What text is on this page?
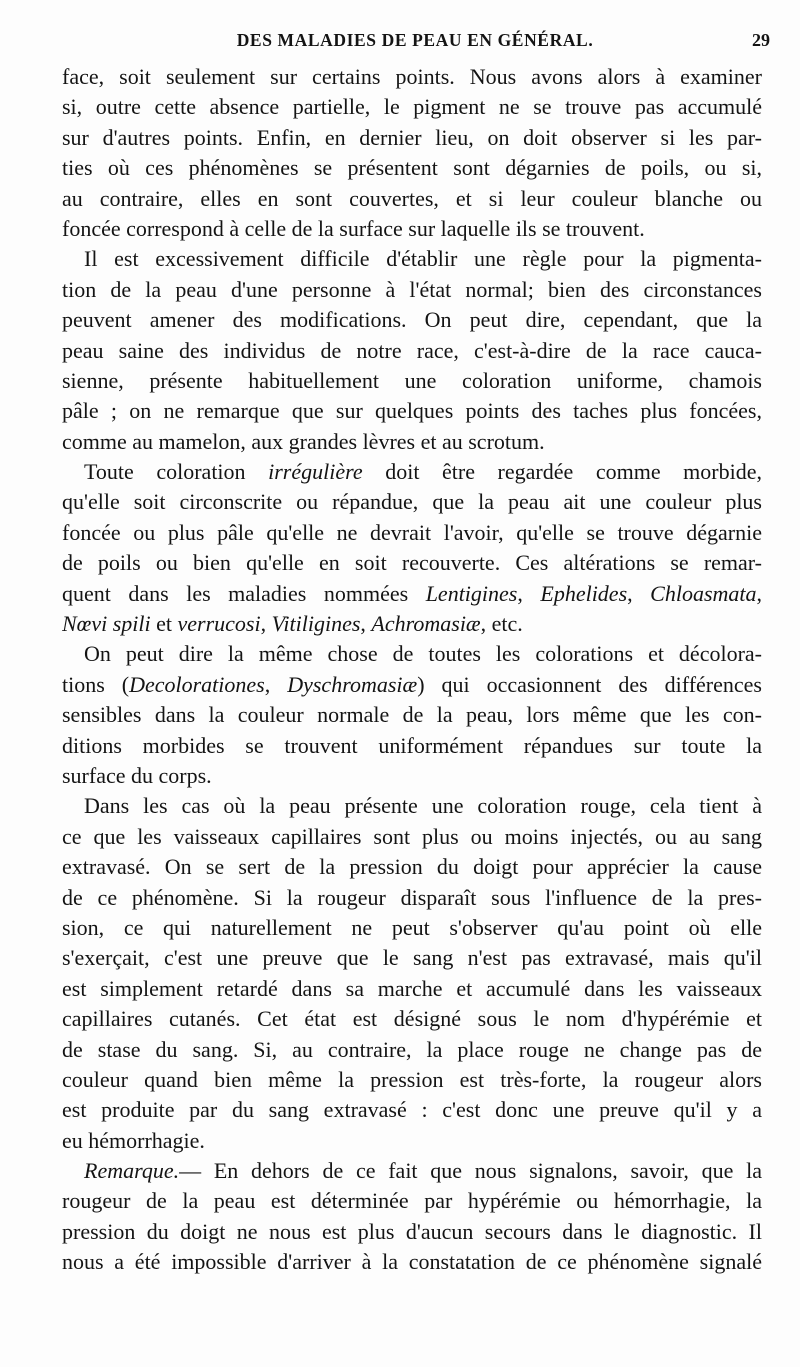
DES MALADIES DE PEAU EN GÉNÉRAL.	29
face, soit seulement sur certains points. Nous avons alors à examiner
si, outre cette absence partielle, le pigment ne se trouve pas accumulé
sur d'autres points. Enfin, en dernier lieu, on doit observer si les par-
ties où ces phénomènes se présentent sont dégarnies de poils, ou si,
au contraire, elles en sont couvertes, et si leur couleur blanche ou
foncée correspond à celle de la surface sur laquelle ils se trouvent.
Il est excessivement difficile d'établir une règle pour la pigmenta-
tion de la peau d'une personne à l'état normal; bien des circonstances
peuvent amener des modifications. On peut dire, cependant, que la
peau saine des individus de notre race, c'est-à-dire de la race cauca-
sienne, présente habituellement une coloration uniforme, chamois
pâle ; on ne remarque que sur quelques points des taches plus foncées,
comme au mamelon, aux grandes lèvres et au scrotum.
Toute coloration irrégulière doit être regardée comme morbide,
qu'elle soit circonscrite ou répandue, que la peau ait une couleur plus
foncée ou plus pâle qu'elle ne devrait l'avoir, qu'elle se trouve dégarnie
de poils ou bien qu'elle en soit recouverte. Ces altérations se remar-
quent dans les maladies nommées Lentigines, Ephelides, Chloasmata,
Nœvi spili et verrucosi, Vitiligines, Achromasiæ, etc.
On peut dire la même chose de toutes les colorations et décolora-
tions (Decolorationes, Dyschromasiæ) qui occasionnent des différences
sensibles dans la couleur normale de la peau, lors même que les con-
ditions morbides se trouvent uniformément répandues sur toute la
surface du corps.
Dans les cas où la peau présente une coloration rouge, cela tient à
ce que les vaisseaux capillaires sont plus ou moins injectés, ou au sang
extravasé. On se sert de la pression du doigt pour apprécier la cause
de ce phénomène. Si la rougeur disparaît sous l'influence de la pres-
sion, ce qui naturellement ne peut s'observer qu'au point où elle
s'exerçait, c'est une preuve que le sang n'est pas extravasé, mais qu'il
est simplement retardé dans sa marche et accumulé dans les vaisseaux
capillaires cutanés. Cet état est désigné sous le nom d'hypérémie et
de stase du sang. Si, au contraire, la place rouge ne change pas de
couleur quand bien même la pression est très-forte, la rougeur alors
est produite par du sang extravasé : c'est donc une preuve qu'il y a
eu hémorrhagie.
Remarque.— En dehors de ce fait que nous signalons, savoir, que la
rougeur de la peau est déterminée par hypérémie ou hémorrhagie, la
pression du doigt ne nous est plus d'aucun secours dans le diagnostic. Il
nous a été impossible d'arriver à la constatation de ce phénomène signalé
